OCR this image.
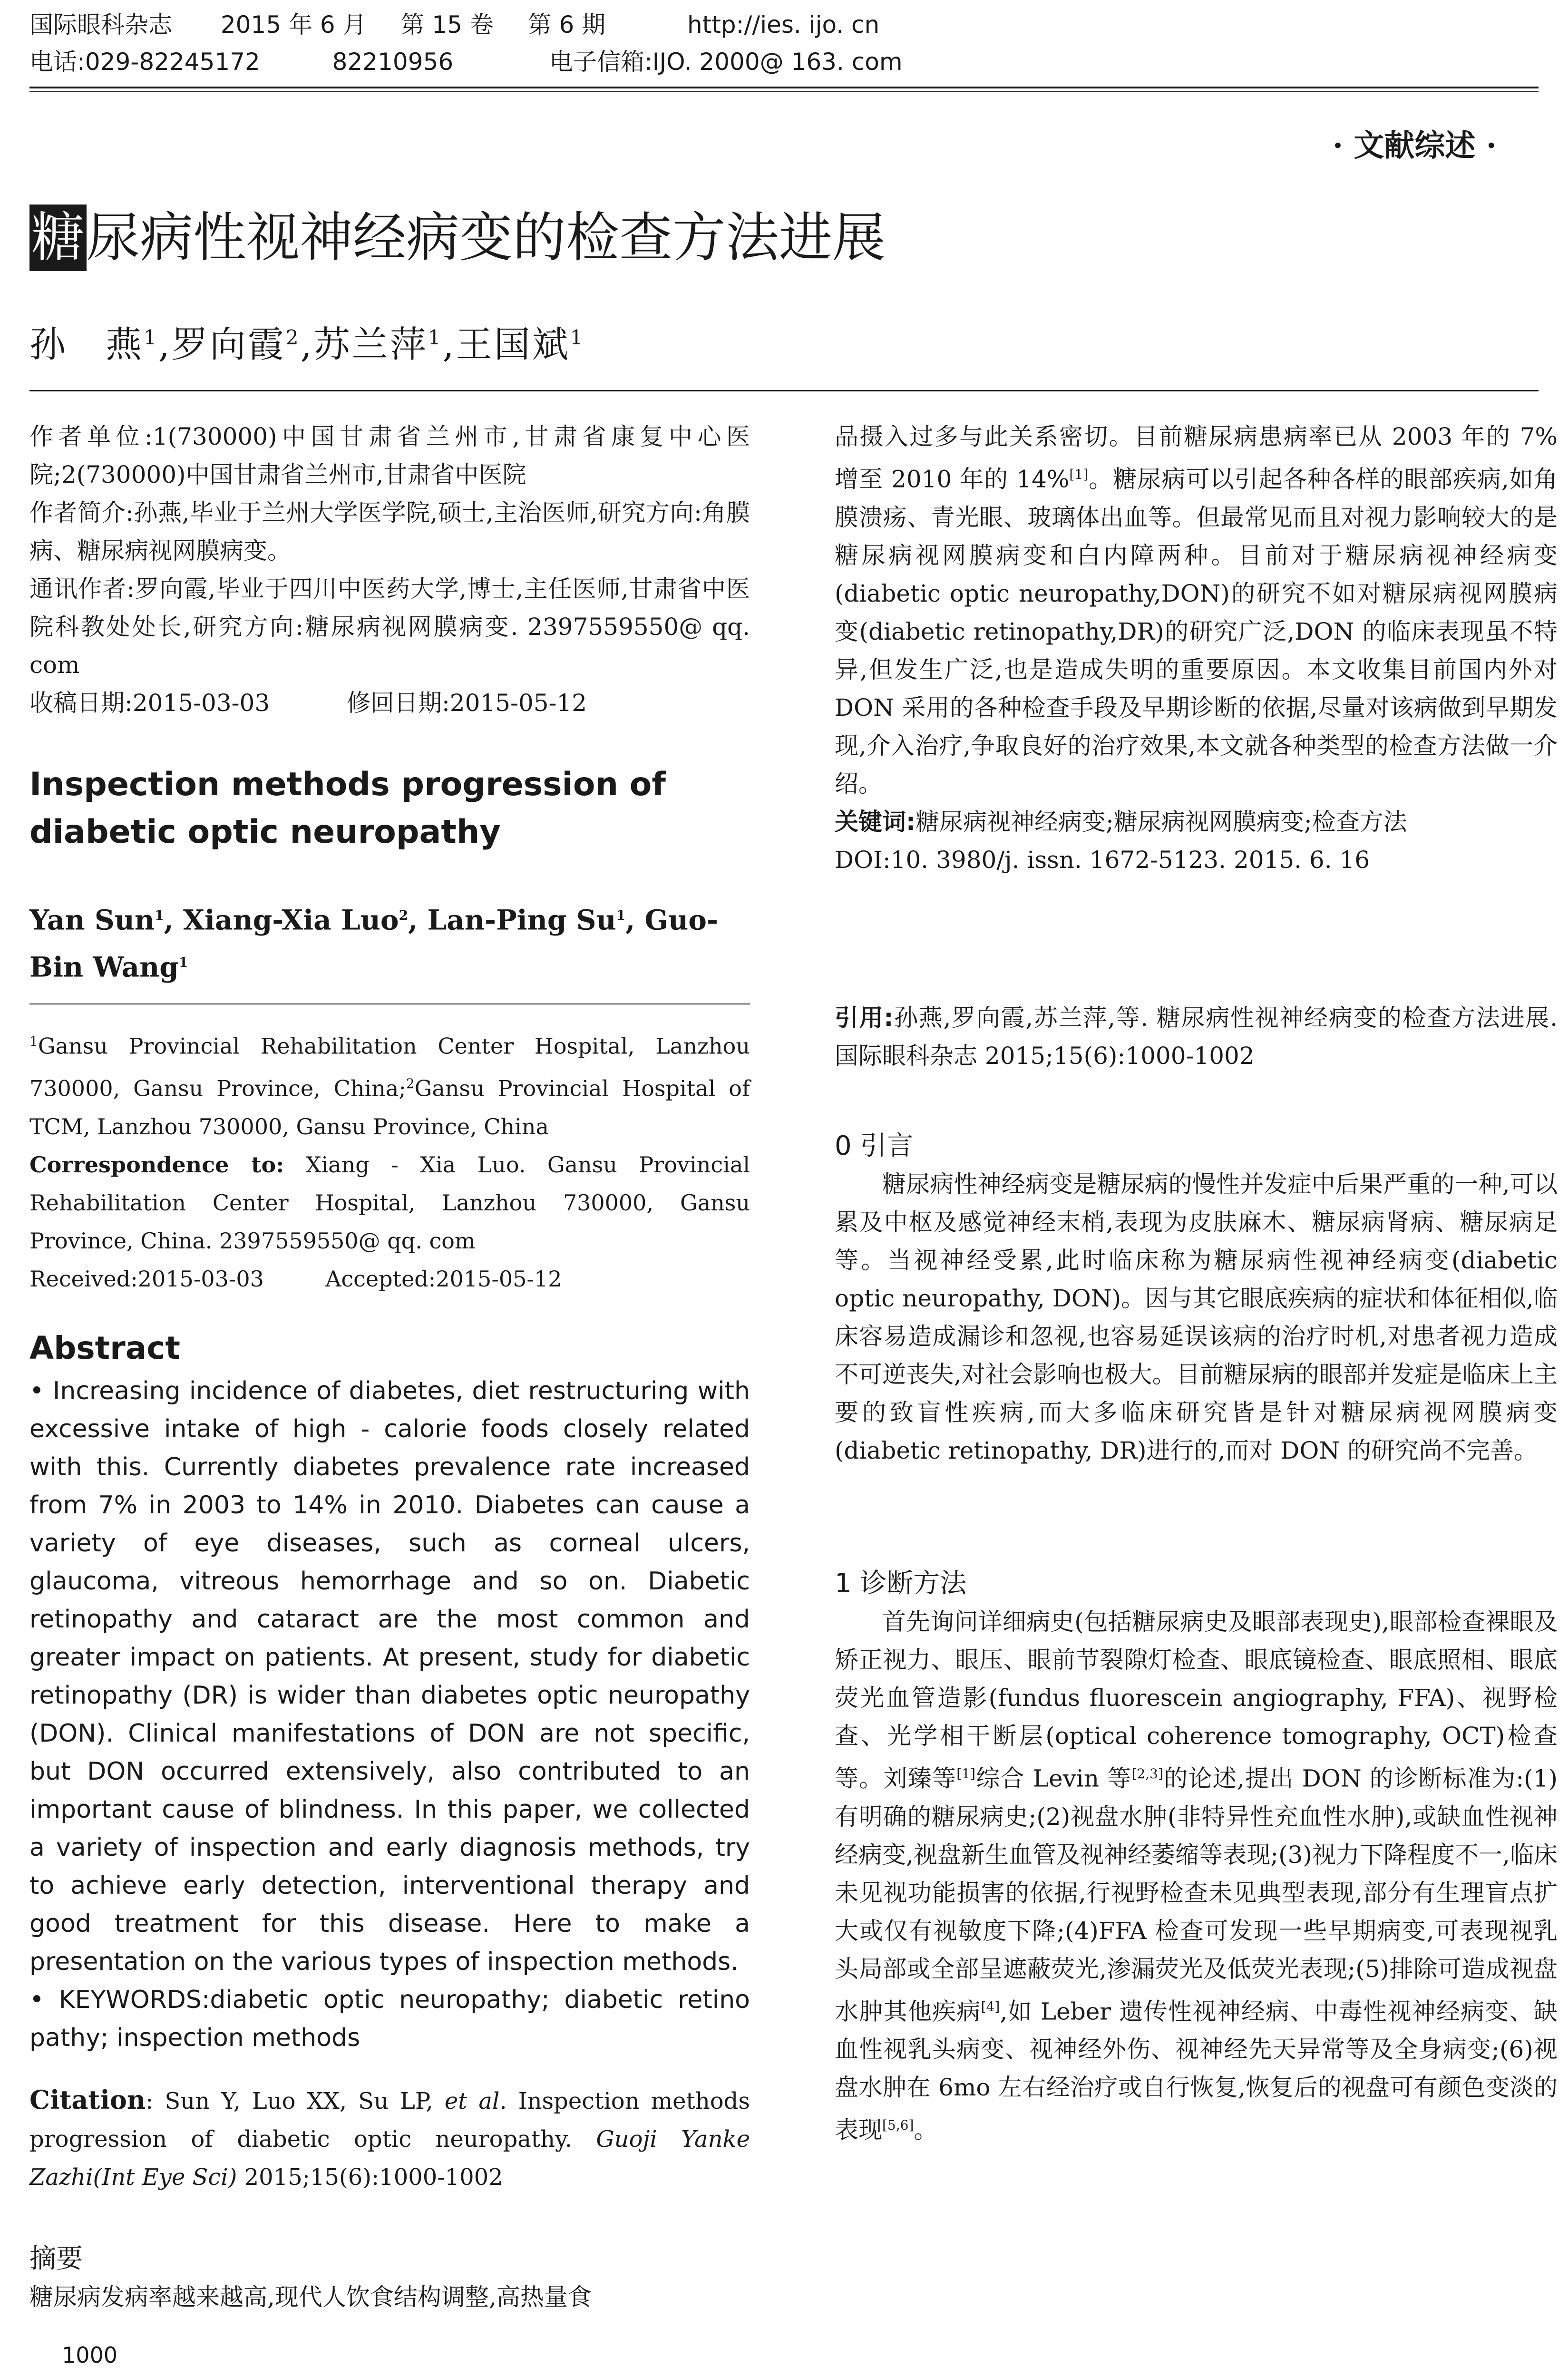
国际眼科杂志 2015 年 6 月 第 15 卷 第 6 期	http://ies. ijo. cn
电话:029-82245172	82210956	电子信箱:IJO. 2000@ 163. com
· 文献综述 ·
糖尿病性视神经病变的检查方法进展
孙　燕$^1$,罗向霞$^2$,苏兰萍$^1$,王国斌$^1$

作者单位:1(730000)中国甘肃省兰州市,甘肃省康复中心医院;2(730000)中国甘肃省兰州市,甘肃省中医院

作者简介:孙燕,毕业于兰州大学医学院,硕士,主治医师,研究方向:角膜病、糖尿病视网膜病变。

通讯作者:罗向霞,毕业于四川中医药大学,博士,主任医师,甘肃省中医院科教处处长,研究方向:糖尿病视网膜病变. 2397559550@ qq. com

收稿日期:2015-03-03	修回日期:2015-05-12

Inspection methods progression of diabetic optic neuropathy
Yan Sun$^1$, Xiang-Xia Luo$^2$, Lan-Ping Su$^1$, Guo-Bin Wang$^1$

$^1$Gansu Provincial Rehabilitation Center Hospital, Lanzhou 730000, Gansu Province, China;$^2$Gansu Provincial Hospital of TCM, Lanzhou 730000, Gansu Province, China

Correspondence to: Xiang - Xia Luo. Gansu Provincial Rehabilitation Center Hospital, Lanzhou 730000, Gansu Province, China. 2397559550@ qq. com

Received:2015-03-03	Accepted:2015-05-12

Abstract

• Increasing incidence of diabetes, diet restructuring with excessive intake of high - calorie foods closely related with this. Currently diabetes prevalence rate increased from 7% in 2003 to 14% in 2010. Diabetes can cause a variety of eye diseases, such as corneal ulcers, glaucoma, vitreous hemorrhage and so on. Diabetic retinopathy and cataract are the most common and greater impact on patients. At present, study for diabetic retinopathy (DR) is wider than diabetes optic neuropathy (DON). Clinical manifestations of DON are not specific, but DON occurred extensively, also contributed to an important cause of blindness. In this paper, we collected a variety of inspection and early diagnosis methods, try to achieve early detection, interventional therapy and good treatment for this disease. Here to make a presentation on the various types of inspection methods.

• KEYWORDS:diabetic optic neuropathy; diabetic retino pathy; inspection methods

Citation: Sun Y, Luo XX, Su LP, et al. Inspection methods progression of diabetic optic neuropathy. Guoji Yanke Zazhi(Int Eye Sci) 2015;15(6):1000-1002

摘要
糖尿病发病率越来越高,现代人饮食结构调整,高热量食

品摄入过多与此关系密切。目前糖尿病患病率已从 2003 年的 7% 增至 2010 年的 14%[1]。糖尿病可以引起各种各样的眼部疾病,如角膜溃疡、青光眼、玻璃体出血等。但最常见而且对视力影响较大的是糖尿病视网膜病变和白内障两种。目前对于糖尿病视神经病变(diabetic optic neuropathy,DON)的研究不如对糖尿病视网膜病变(diabetic retinopathy,DR)的研究广泛,DON 的临床表现虽不特异,但发生广泛,也是造成失明的重要原因。本文收集目前国内外对 DON 采用的各种检查手段及早期诊断的依据,尽量对该病做到早期发现,介入治疗,争取良好的治疗效果,本文就各种类型的检查方法做一介绍。

关键词:糖尿病视神经病变;糖尿病视网膜病变;检查方法

DOI:10. 3980/j. issn. 1672-5123. 2015. 6. 16

引用:孙燕,罗向霞,苏兰萍,等. 糖尿病性视神经病变的检查方法进展. 国际眼科杂志 2015;15(6):1000-1002

0 引言

糖尿病性神经病变是糖尿病的慢性并发症中后果严重的一种,可以累及中枢及感觉神经末梢,表现为皮肤麻木、糖尿病肾病、糖尿病足等。当视神经受累,此时临床称为糖尿病性视神经病变(diabetic optic neuropathy, DON)。因与其它眼底疾病的症状和体征相似,临床容易造成漏诊和忽视,也容易延误该病的治疗时机,对患者视力造成不可逆丧失,对社会影响也极大。目前糖尿病的眼部并发症是临床上主要的致盲性疾病,而大多临床研究皆是针对糖尿病视网膜病变(diabetic retinopathy, DR)进行的,而对 DON 的研究尚不完善。

1 诊断方法

首先询问详细病史(包括糖尿病史及眼部表现史),眼部检查裸眼及矫正视力、眼压、眼前节裂隙灯检查、眼底镜检查、眼底照相、眼底荧光血管造影(fundus fluorescein angiography, FFA)、视野检查、光学相干断层(optical coherence tomography, OCT)检查等。刘臻等[1]综合 Levin 等[2,3]的论述,提出 DON 的诊断标准为:(1)有明确的糖尿病史;(2)视盘水肿(非特异性充血性水肿),或缺血性视神经病变,视盘新生血管及视神经萎缩等表现;(3)视力下降程度不一,临床未见视功能损害的依据,行视野检查未见典型表现,部分有生理盲点扩大或仅有视敏度下降;(4)FFA 检查可发现一些早期病变,可表现视乳头局部或全部呈遮蔽荧光,渗漏荧光及低荧光表现;(5)排除可造成视盘水肿其他疾病[4],如 Leber 遗传性视神经病、中毒性视神经病变、缺血性视乳头病变、视神经外伤、视神经先天异常等及全身病变;(6)视盘水肿在 6mo 左右经治疗或自行恢复,恢复后的视盘可有颜色变淡的表现[5,6]。

1000
